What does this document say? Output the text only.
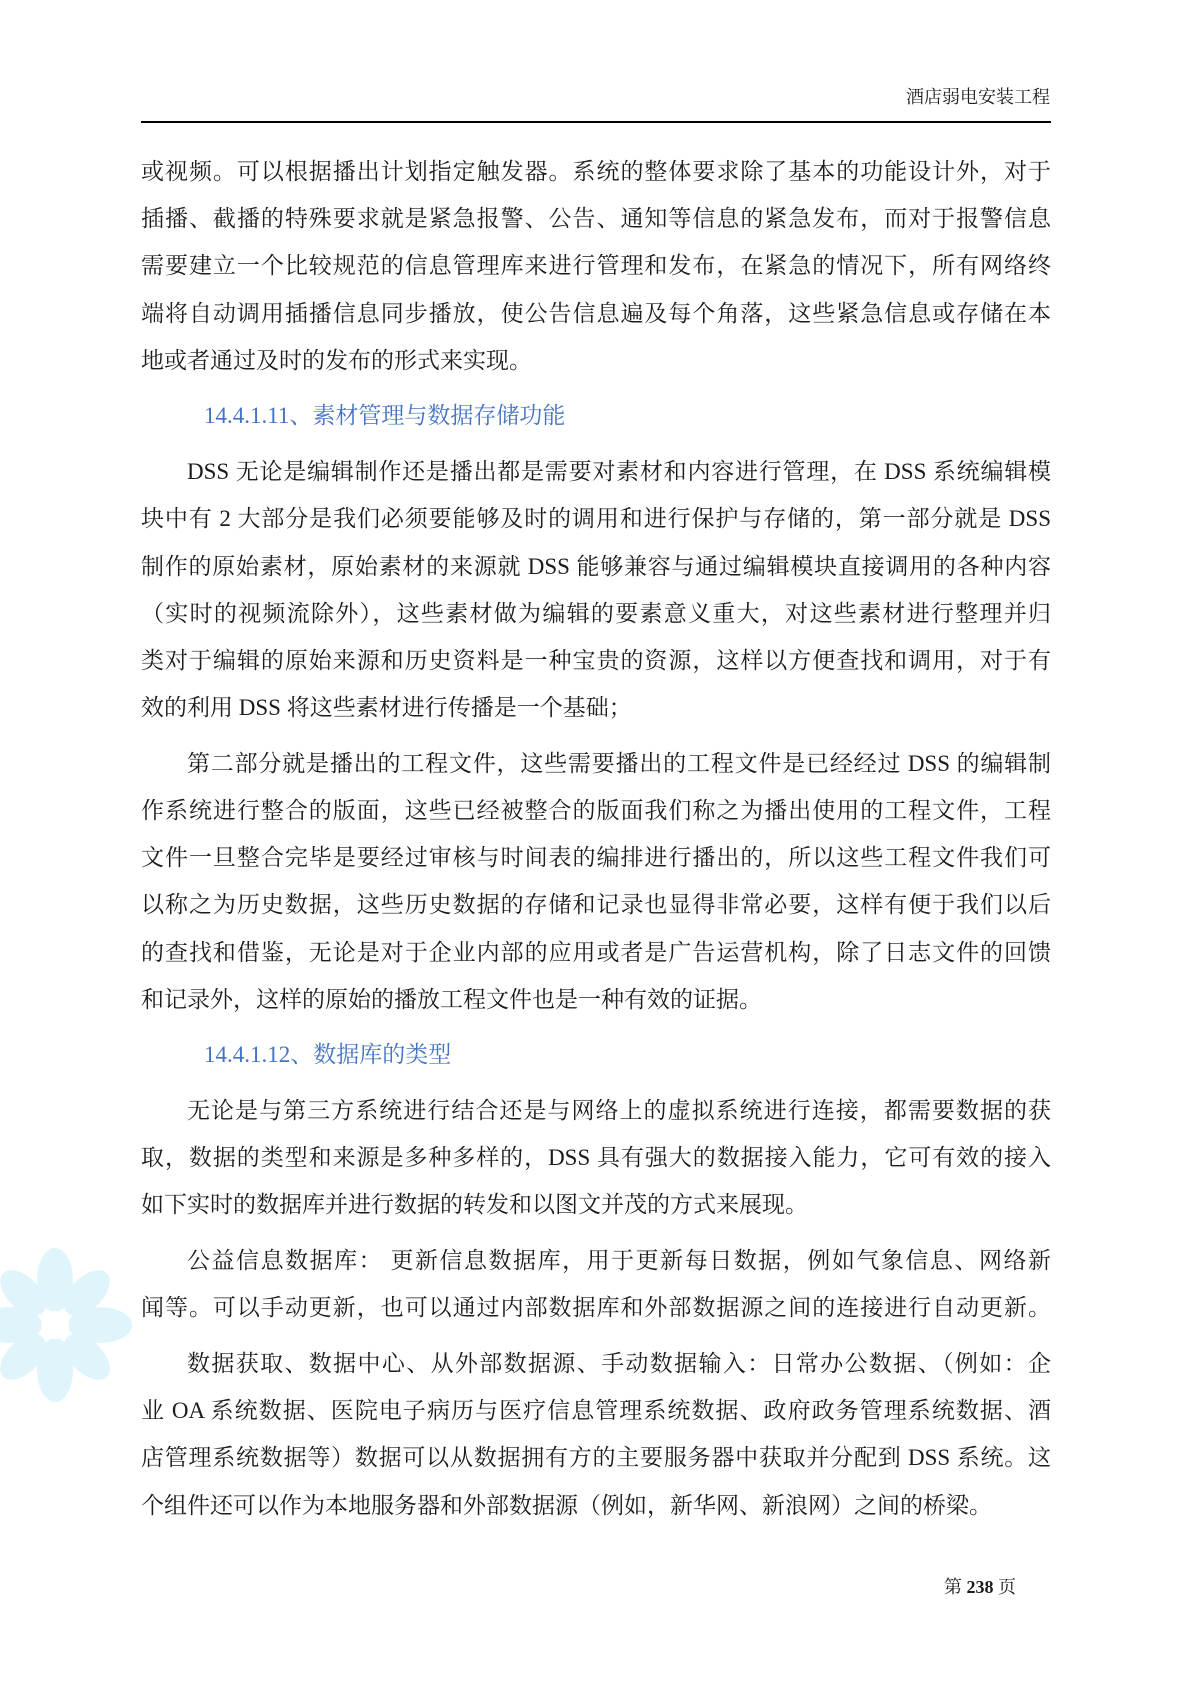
酒店弱电安装工程
或视频。可以根据播出计划指定触发器。系统的整体要求除了基本的功能设计外，对于
插播、截播的特殊要求就是紧急报警、公告、通知等信息的紧急发布，而对于报警信息
需要建立一个比较规范的信息管理库来进行管理和发布，在紧急的情况下，所有网络终
端将自动调用插播信息同步播放，使公告信息遍及每个角落，这些紧急信息或存储在本
地或者通过及时的发布的形式来实现。
14.4.1.11、素材管理与数据存储功能
DSS 无论是编辑制作还是播出都是需要对素材和内容进行管理，在 DSS 系统编辑模
块中有 2 大部分是我们必须要能够及时的调用和进行保护与存储的，第一部分就是 DSS
制作的原始素材，原始素材的来源就 DSS 能够兼容与通过编辑模块直接调用的各种内容
（实时的视频流除外），这些素材做为编辑的要素意义重大，对这些素材进行整理并归
类对于编辑的原始来源和历史资料是一种宝贵的资源，这样以方便查找和调用，对于有
效的利用 DSS 将这些素材进行传播是一个基础；
第二部分就是播出的工程文件，这些需要播出的工程文件是已经经过 DSS 的编辑制
作系统进行整合的版面，这些已经被整合的版面我们称之为播出使用的工程文件，工程
文件一旦整合完毕是要经过审核与时间表的编排进行播出的，所以这些工程文件我们可
以称之为历史数据，这些历史数据的存储和记录也显得非常必要，这样有便于我们以后
的查找和借鉴，无论是对于企业内部的应用或者是广告运营机构，除了日志文件的回馈
和记录外，这样的原始的播放工程文件也是一种有效的证据。
14.4.1.12、数据库的类型
无论是与第三方系统进行结合还是与网络上的虚拟系统进行连接，都需要数据的获
取，数据的类型和来源是多种多样的，DSS 具有强大的数据接入能力，它可有效的接入
如下实时的数据库并进行数据的转发和以图文并茂的方式来展现。
公益信息数据库： 更新信息数据库，用于更新每日数据，例如气象信息、网络新
闻等。可以手动更新，也可以通过内部数据库和外部数据源之间的连接进行自动更新。
数据获取、数据中心、从外部数据源、手动数据输入：日常办公数据、（例如：企
业 OA 系统数据、医院电子病历与医疗信息管理系统数据、政府政务管理系统数据、酒
店管理系统数据等）数据可以从数据拥有方的主要服务器中获取并分配到 DSS 系统。这
个组件还可以作为本地服务器和外部数据源（例如，新华网、新浪网）之间的桥梁。
第 238 页
